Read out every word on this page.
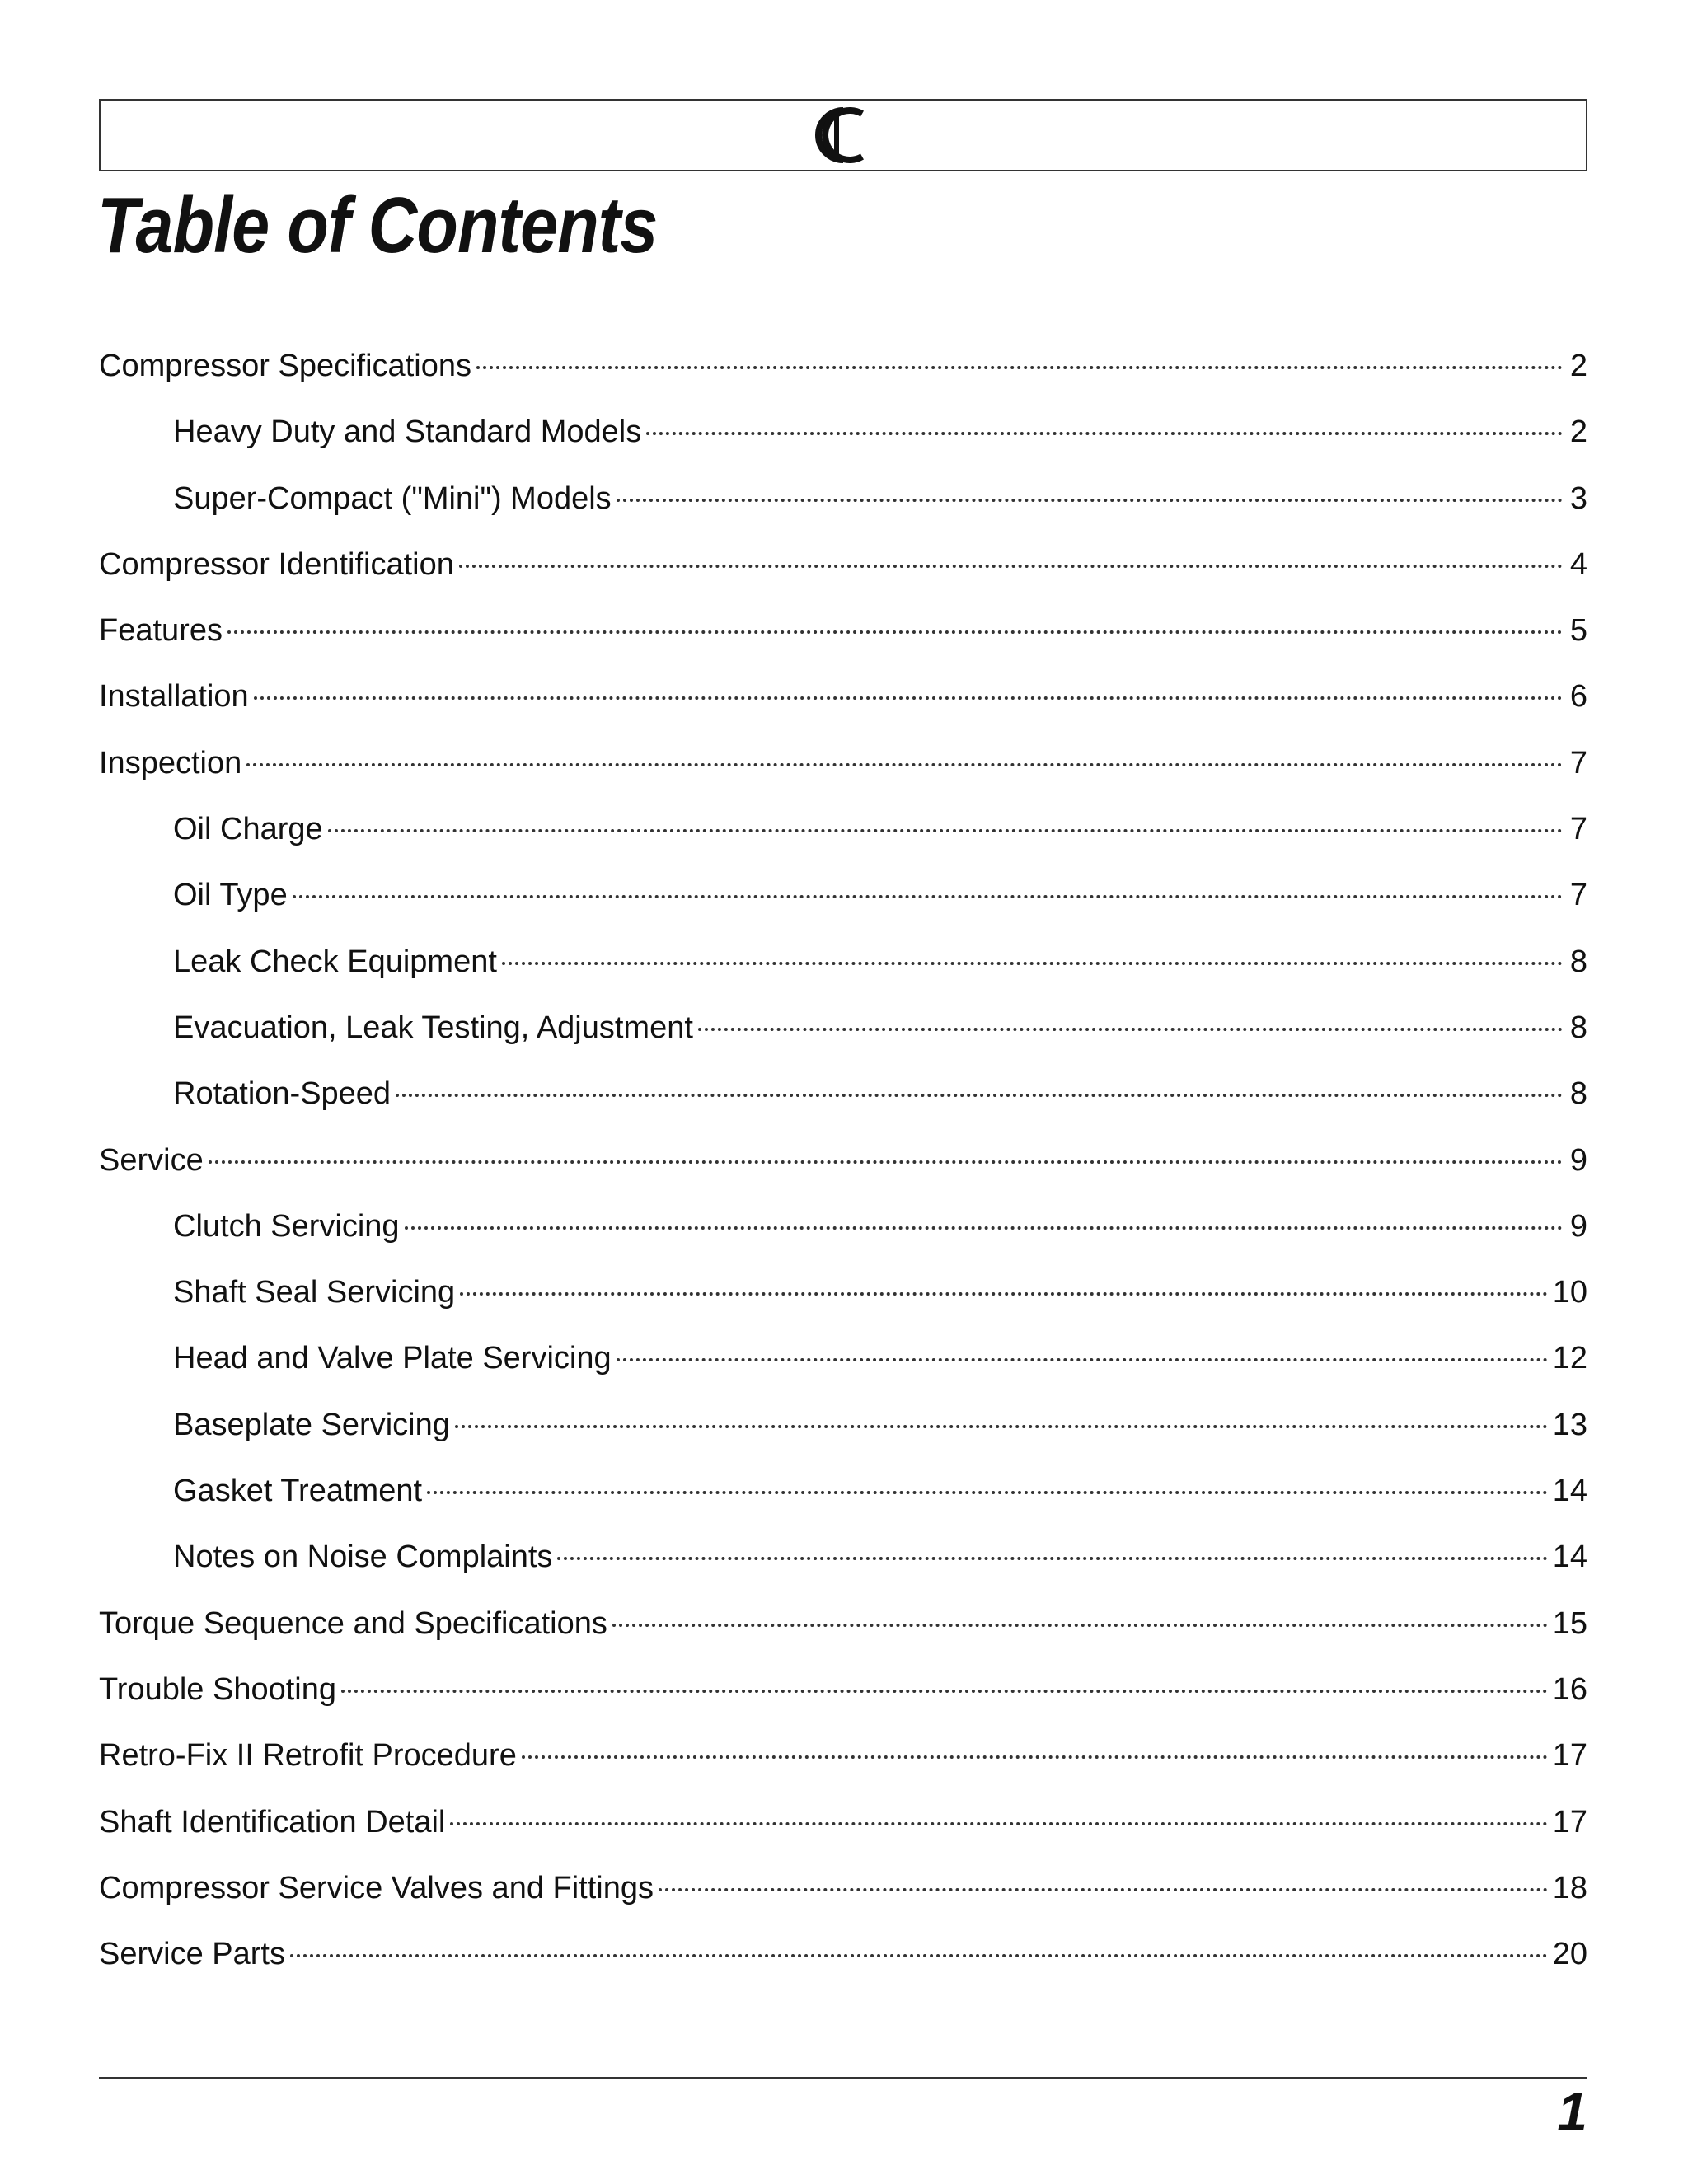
Table of Contents
Compressor Specifications	2
Heavy Duty and Standard Models	2
Super-Compact ("Mini") Models	3
Compressor Identification	4
Features	5
Installation	6
Inspection	7
Oil Charge	7
Oil Type	7
Leak Check Equipment	8
Evacuation, Leak Testing, Adjustment	8
Rotation-Speed	8
Service	9
Clutch Servicing	9
Shaft Seal Servicing	10
Head and Valve Plate Servicing	12
Baseplate Servicing	13
Gasket Treatment	14
Notes on Noise Complaints	14
Torque Sequence and Specifications	15
Trouble Shooting	16
Retro-Fix II Retrofit Procedure	17
Shaft Identification Detail	17
Compressor Service Valves and Fittings	18
Service Parts	20
1
